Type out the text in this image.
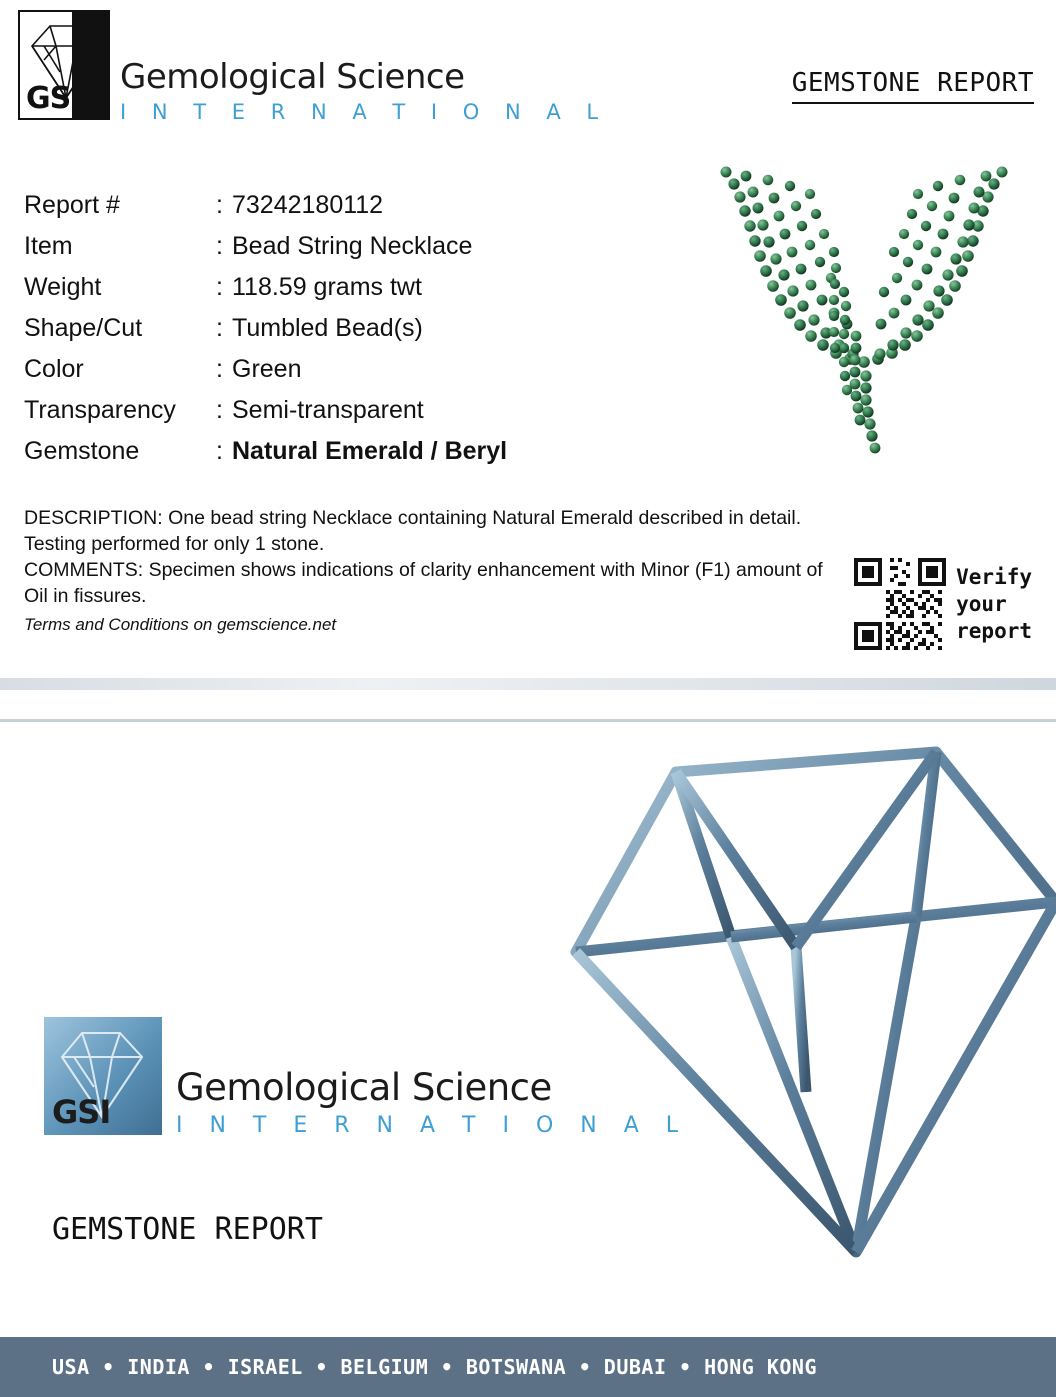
GSI
Gemological Science
I N T E R N A T I O N A L
GEMSTONE REPORT
Report #	: 73242180112
Item	: Bead String Necklace
Weight	: 118.59 grams twt
Shape/Cut	: Tumbled Bead(s)
Color	: Green
Transparency	: Semi-transparent
Gemstone	: Natural Emerald / Beryl

DESCRIPTION: One bead string Necklace containing Natural Emerald described in detail. Testing performed for only 1 stone.

COMMENTS: Specimen shows indications of clarity enhancement with Minor (F1) amount of Oil in fissures.

Terms and Conditions on gemscience.net

Verify
your
report
GSI
Gemological Science
I N T E R N A T I O N A L
GEMSTONE REPORT
USA • INDIA • ISRAEL • BELGIUM • BOTSWANA • DUBAI • HONG KONG
